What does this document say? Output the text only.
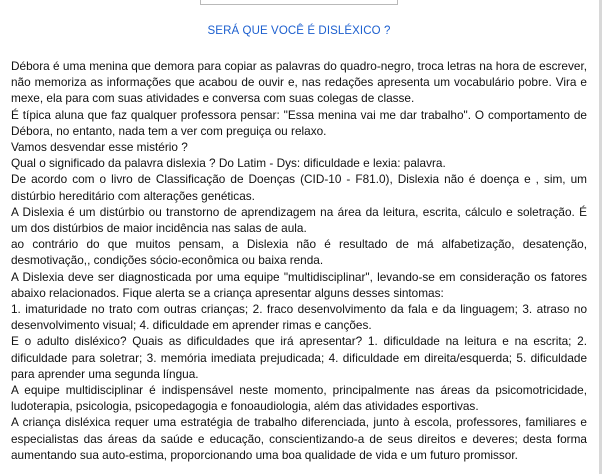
SERÁ QUE VOCÊ É DISLÉXICO ?

Débora é uma menina que demora para copiar as palavras do quadro-negro, troca letras na hora de escrever, não memoriza as informações que acabou de ouvir e, nas redações apresenta um vocabulário pobre. Vira e mexe, ela para com suas atividades e conversa com suas colegas de classe.

É típica aluna que faz qualquer professora pensar: "Essa menina vai me dar trabalho". O comportamento de Débora, no entanto, nada tem a ver com preguiça ou relaxo.

Vamos desvendar esse mistério ?

Qual o significado da palavra dislexia ? Do Latim - Dys: dificuldade e lexia: palavra.

De acordo com o livro de Classificação de Doenças (CID-10 - F81.0), Dislexia não é doença e , sim, um distúrbio hereditário com alterações genéticas.

A Dislexia é um distúrbio ou transtorno de aprendizagem na área da leitura, escrita, cálculo e soletração. É um dos distúrbios de maior incidência nas salas de aula.

ao contrário do que muitos pensam, a Dislexia não é resultado de má alfabetização, desatenção, desmotivação,, condições sócio-econômica ou baixa renda.

A Dislexia deve ser diagnosticada por uma equipe "multidisciplinar", levando-se em consideração os fatores abaixo relacionados. Fique alerta se a criança apresentar alguns desses sintomas:

1. imaturidade no trato com outras crianças; 2. fraco desenvolvimento da fala e da linguagem; 3. atraso no desenvolvimento visual; 4. dificuldade em aprender rimas e canções.

E o adulto disléxico? Quais as dificuldades que irá apresentar? 1. dificuldade na leitura e na escrita; 2. dificuldade para soletrar; 3. memória imediata prejudicada; 4. dificuldade em direita/esquerda; 5. dificuldade para aprender uma segunda língua.

A equipe multidisciplinar é indispensável neste momento, principalmente nas áreas da psicomotricidade, ludoterapia, psicologia, psicopedagogia e fonoaudiologia, além das atividades esportivas.

A criança disléxica requer uma estratégia de trabalho diferenciada, junto à escola, professores, familiares e especialistas das áreas da saúde e educação, conscientizando-a de seus direitos e deveres; desta forma aumentando sua auto-estima, proporcionando uma boa qualidade de vida e um futuro promissor.
